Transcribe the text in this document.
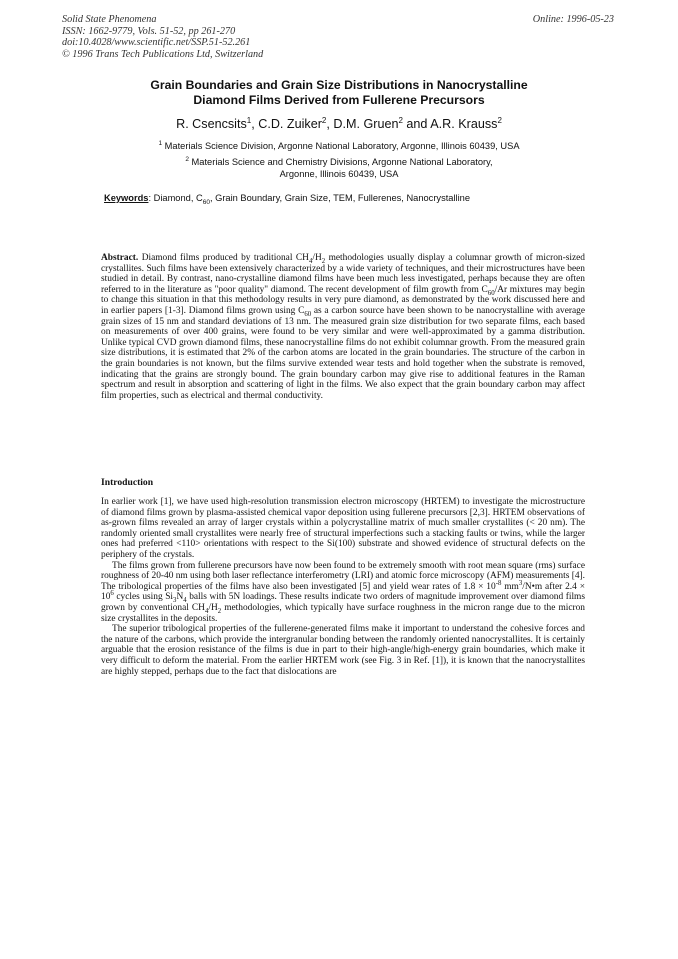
Solid State Phenomena
ISSN: 1662-9779, Vols. 51-52, pp 261-270
doi:10.4028/www.scientific.net/SSP.51-52.261
© 1996 Trans Tech Publications Ltd, Switzerland
Online: 1996-05-23
Grain Boundaries and Grain Size Distributions in Nanocrystalline
Diamond Films Derived from Fullerene Precursors
R. Csencsits$^1$, C.D. Zuiker$^2$, D.M. Gruen$^2$ and A.R. Krauss$^2$
$^1$ Materials Science Division, Argonne National Laboratory, Argonne, Illinois 60439, USA
$^2$ Materials Science and Chemistry Divisions, Argonne National Laboratory,
Argonne, Illinois 60439, USA
Keywords: Diamond, $C_{60}$, Grain Boundary, Grain Size, TEM, Fullerenes, Nanocrystalline
Abstract. Diamond films produced by traditional $CH_4/H_2$ methodologies usually display a columnar growth of micron-sized crystallites. Such films have been extensively characterized by a wide variety of techniques, and their microstructures have been studied in detail. By contrast, nano-crystalline diamond films have been much less investigated, perhaps because they are often referred to in the literature as "poor quality" diamond. The recent development of film growth from $C_{60}/Ar$ mixtures may begin to change this situation in that this methodology results in very pure diamond, as demonstrated by the work discussed here and in earlier papers [1-3]. Diamond films grown using $C_{60}$ as a carbon source have been shown to be nanocrystalline with average grain sizes of 15 nm and standard deviations of 13 nm. The measured grain size distribution for two separate films, each based on measurements of over 400 grains, were found to be very similar and were well-approximated by a gamma distribution. Unlike typical CVD grown diamond films, these nanocrystalline films do not exhibit columnar growth. From the measured grain size distributions, it is estimated that 2% of the carbon atoms are located in the grain boundaries. The structure of the carbon in the grain boundaries is not known, but the films survive extended wear tests and hold together when the substrate is removed, indicating that the grains are strongly bound. The grain boundary carbon may give rise to additional features in the Raman spectrum and result in absorption and scattering of light in the films. We also expect that the grain boundary carbon may affect film properties, such as electrical and thermal conductivity.
Introduction

In earlier work [1], we have used high-resolution transmission electron microscopy (HRTEM) to investigate the microstructure of diamond films grown by plasma-assisted chemical vapor deposition using fullerene precursors [2,3]. HRTEM observations of as-grown films revealed an array of larger crystals within a polycrystalline matrix of much smaller crystallites (< 20 nm). The randomly oriented small crystallites were nearly free of structural imperfections such a stacking faults or twins, while the larger ones had preferred <110> orientations with respect to the Si(100) substrate and showed evidence of structural defects on the periphery of the crystals.

The films grown from fullerene precursors have now been found to be extremely smooth with root mean square (rms) surface roughness of 20-40 nm using both laser reflectance interferometry (LRI) and atomic force microscopy (AFM) measurements [4]. The tribological properties of the films have also been investigated [5] and yield wear rates of $1.8 \times 10^{-8}$ $mm^3/N•m$ after $2.4 \times 10^6$ cycles using $Si_3N_4$ balls with 5N loadings. These results indicate two orders of magnitude improvement over diamond films grown by conventional $CH_4/H_2$ methodologies, which typically have surface roughness in the micron range due to the micron size crystallites in the deposits.

The superior tribological properties of the fullerene-generated films make it important to understand the cohesive forces and the nature of the carbons, which provide the intergranular bonding between the randomly oriented nanocrystallites. It is certainly arguable that the erosion resistance of the films is due in part to their high-angle/high-energy grain boundaries, which make it very difficult to deform the material. From the earlier HRTEM work (see Fig. 3 in Ref. [1]), it is known that the nanocrystallites are highly stepped, perhaps due to the fact that dislocations are
